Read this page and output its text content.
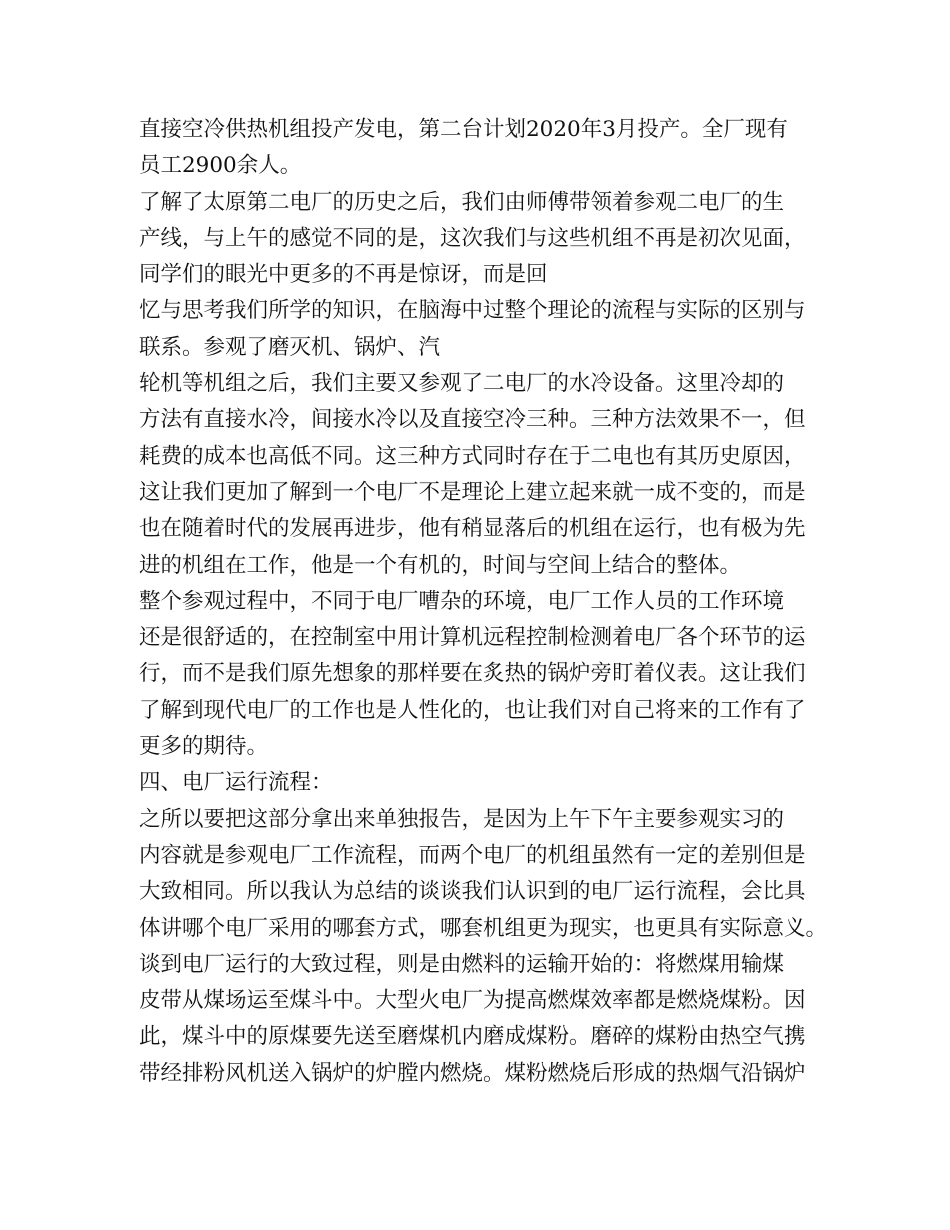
直接空冷供热机组投产发电，第二台计划2020年3月投产。全厂现有
员工2900余人。
了解了太原第二电厂的历史之后，我们由师傅带领着参观二电厂的生
产线，与上午的感觉不同的是，这次我们与这些机组不再是初次见面，
同学们的眼光中更多的不再是惊讶，而是回
忆与思考我们所学的知识，在脑海中过整个理论的流程与实际的区别与
联系。参观了磨灭机、锅炉、汽
轮机等机组之后，我们主要又参观了二电厂的水冷设备。这里冷却的
方法有直接水冷，间接水冷以及直接空冷三种。三种方法效果不一，但
耗费的成本也高低不同。这三种方式同时存在于二电也有其历史原因，
这让我们更加了解到一个电厂不是理论上建立起来就一成不变的，而是
也在随着时代的发展再进步，他有稍显落后的机组在运行，也有极为先
进的机组在工作，他是一个有机的，时间与空间上结合的整体。
整个参观过程中，不同于电厂嘈杂的环境，电厂工作人员的工作环境
还是很舒适的，在控制室中用计算机远程控制检测着电厂各个环节的运
行，而不是我们原先想象的那样要在炙热的锅炉旁盯着仪表。这让我们
了解到现代电厂的工作也是人性化的，也让我们对自己将来的工作有了
更多的期待。
四、电厂运行流程：
之所以要把这部分拿出来单独报告，是因为上午下午主要参观实习的
内容就是参观电厂工作流程，而两个电厂的机组虽然有一定的差别但是
大致相同。所以我认为总结的谈谈我们认识到的电厂运行流程，会比具
体讲哪个电厂采用的哪套方式，哪套机组更为现实，也更具有实际意义。
谈到电厂运行的大致过程，则是由燃料的运输开始的：将燃煤用输煤
皮带从煤场运至煤斗中。大型火电厂为提高燃煤效率都是燃烧煤粉。因
此，煤斗中的原煤要先送至磨煤机内磨成煤粉。磨碎的煤粉由热空气携
带经排粉风机送入锅炉的炉膛内燃烧。煤粉燃烧后形成的热烟气沿锅炉
